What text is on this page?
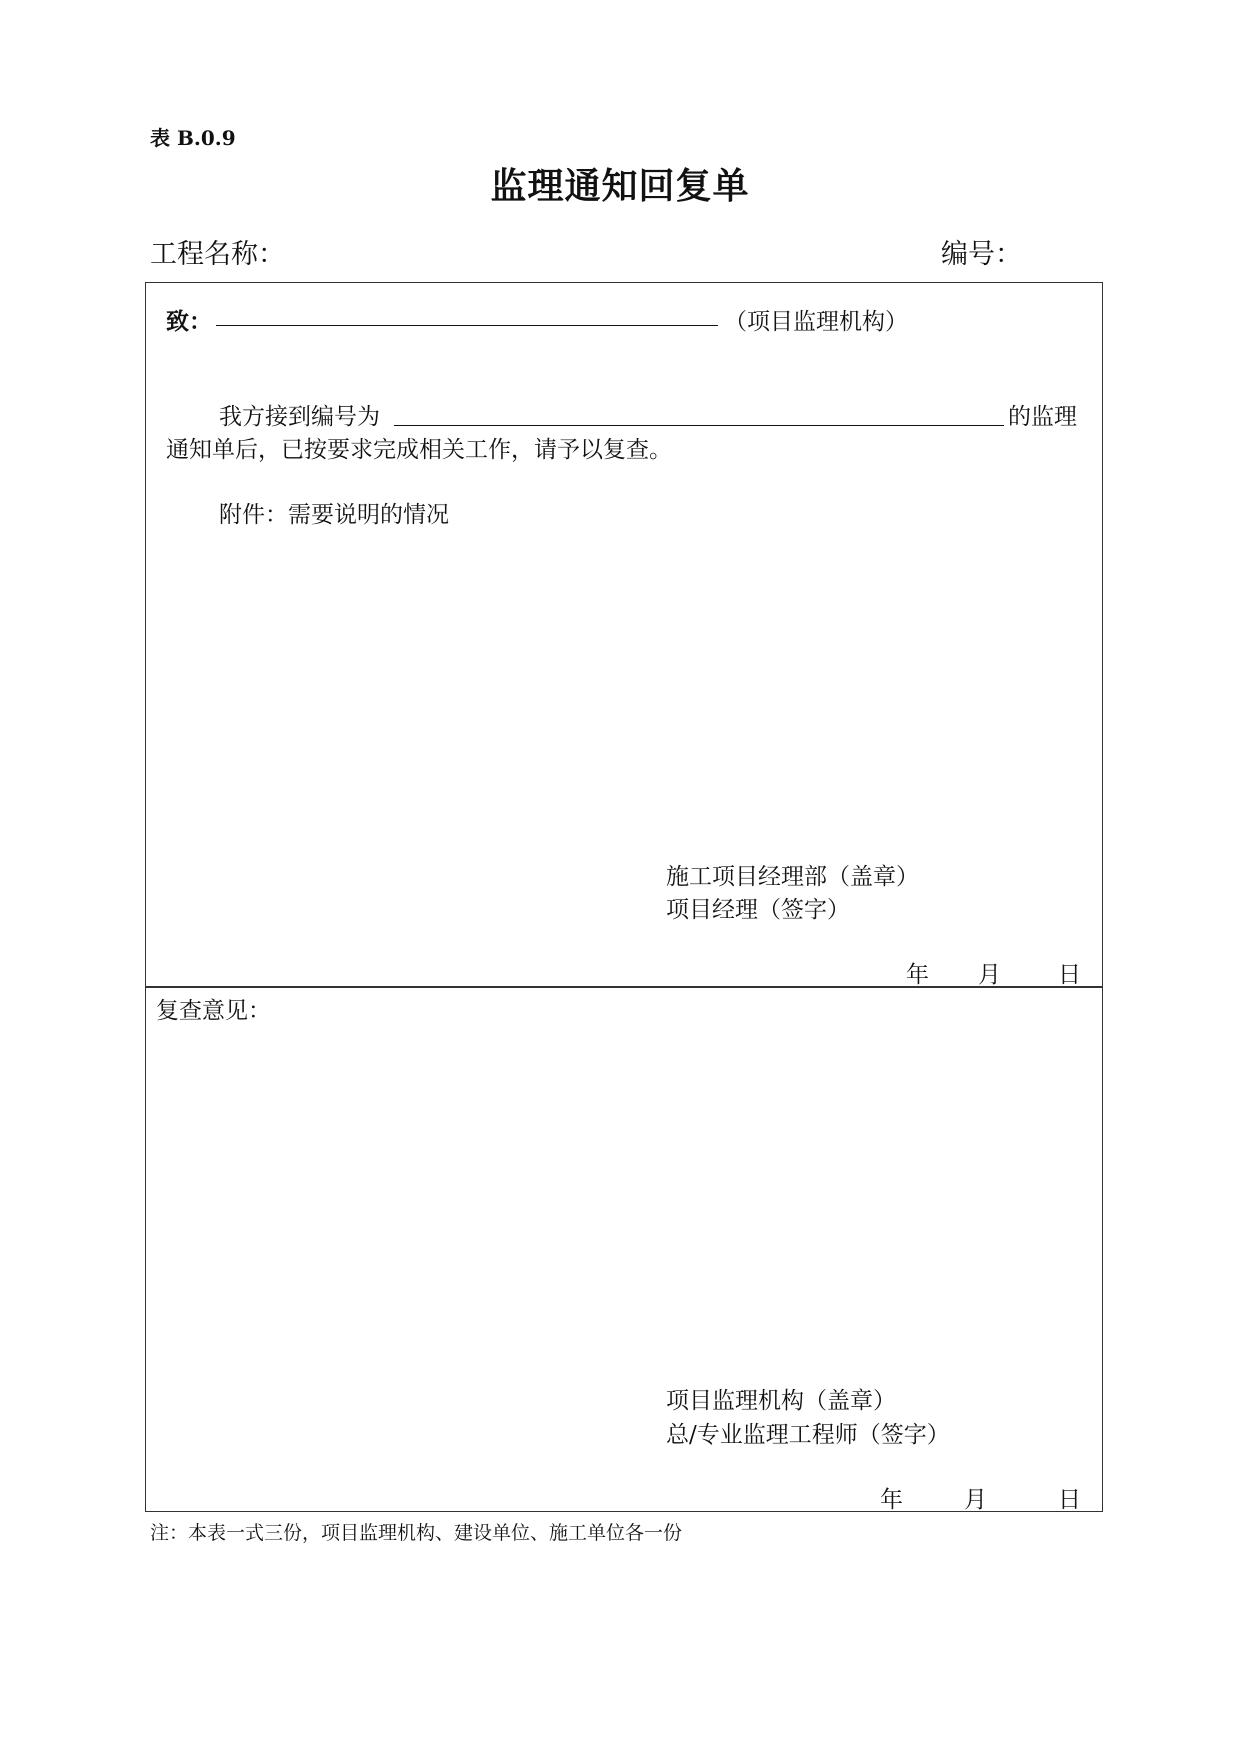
表 B.0.9
监理通知回复单
工程名称：	编号：
致：	（项目监理机构）
我方接到编号为	的监理
通知单后，已按要求完成相关工作，请予以复查。
附件：需要说明的情况
施工项目经理部（盖章）
项目经理（签字）
年 月 日
复查意见：
项目监理机构（盖章）
总/专业监理工程师（签字）
年	月	日
注：本表一式三份，项目监理机构、建设单位、施工单位各一份
